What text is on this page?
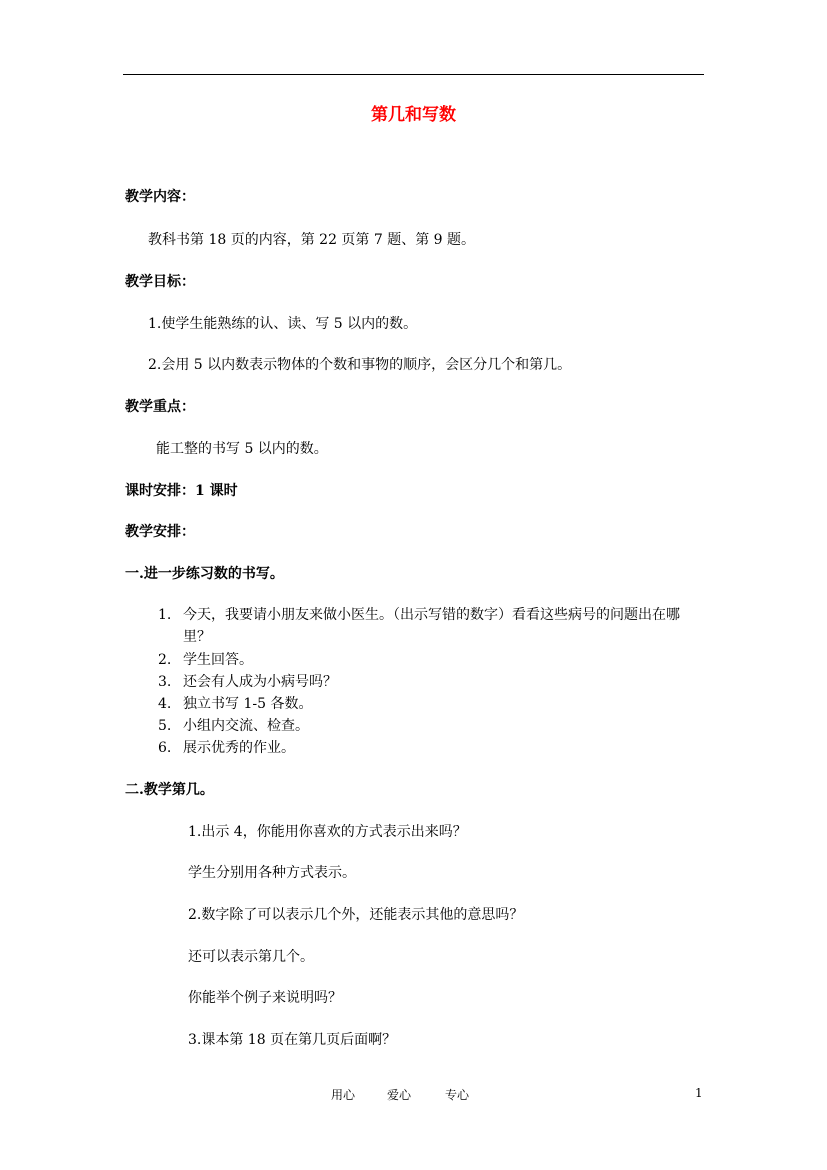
第几和写数
教学内容：
教科书第 18 页的内容，第 22 页第 7 题、第 9 题。
教学目标：
1.使学生能熟练的认、读、写 5 以内的数。
2.会用 5 以内数表示物体的个数和事物的顺序，会区分几个和第几。
教学重点：
能工整的书写 5 以内的数。
课时安排：1 课时
教学安排：
一.进一步练习数的书写。
1. 今天，我要请小朋友来做小医生。（出示写错的数字）看看这些病号的问题出在哪
里？
2. 学生回答。
3. 还会有人成为小病号吗？
4. 独立书写 1-5 各数。
5. 小组内交流、检查。
6. 展示优秀的作业。
二.教学第几。
1.出示 4，你能用你喜欢的方式表示出来吗？
学生分别用各种方式表示。
2.数字除了可以表示几个外，还能表示其他的意思吗？
还可以表示第几个。
你能举个例子来说明吗？
3.课本第 18 页在第几页后面啊？
用心	爱心	专心	1
